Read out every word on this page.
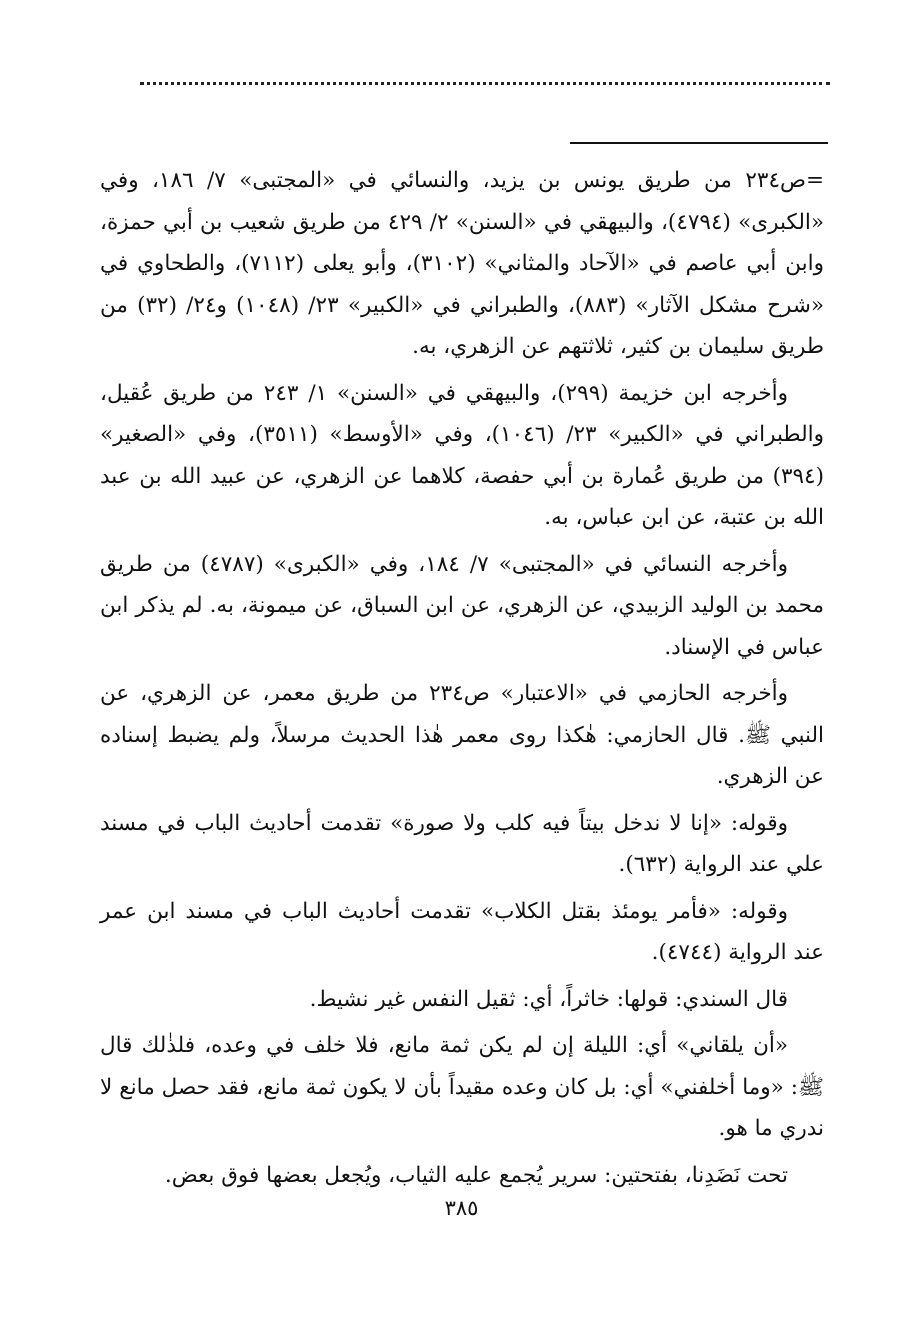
=ص٢٣٤ من طريق يونس بن يزيد، والنسائي في «المجتبى» ٧/ ١٨٦، وفي «الكبرى» (٤٧٩٤)، والبيهقي في «السنن» ٢/ ٤٢٩ من طريق شعيب بن أبي حمزة، وابن أبي عاصم في «الآحاد والمثاني» (٣١٠٢)، وأبو يعلى (٧١١٢)، والطحاوي في «شرح مشكل الآثار» (٨٨٣)، والطبراني في «الكبير» ٢٣/ (١٠٤٨) و٢٤/ (٣٢) من طريق سليمان بن كثير، ثلاثتهم عن الزهري، به.

وأخرجه ابن خزيمة (٢٩٩)، والبيهقي في «السنن» ١/ ٢٤٣ من طريق عُقيل، والطبراني في «الكبير» ٢٣/ (١٠٤٦)، وفي «الأوسط» (٣٥١١)، وفي «الصغير» (٣٩٤) من طريق عُمارة بن أبي حفصة، كلاهما عن الزهري، عن عبيد الله بن عبد الله بن عتبة، عن ابن عباس، به.

وأخرجه النسائي في «المجتبى» ٧/ ١٨٤، وفي «الكبرى» (٤٧٨٧) من طريق محمد بن الوليد الزبيدي، عن الزهري، عن ابن السباق، عن ميمونة، به. لم يذكر ابن عباس في الإسناد.

وأخرجه الحازمي في «الاعتبار» ص٢٣٤ من طريق معمر، عن الزهري، عن النبي ﷺ. قال الحازمي: هٰكذا روى معمر هٰذا الحديث مرسلاً، ولم يضبط إسناده عن الزهري.

وقوله: «إنا لا ندخل بيتاً فيه كلب ولا صورة» تقدمت أحاديث الباب في مسند علي عند الرواية (٦٣٢).

وقوله: «فأمر يومئذ بقتل الكلاب» تقدمت أحاديث الباب في مسند ابن عمر عند الرواية (٤٧٤٤).

قال السندي: قولها: خاثراً، أي: ثقيل النفس غير نشيط.

«أن يلقاني» أي: الليلة إن لم يكن ثمة مانع، فلا خلف في وعده، فلذٰلك قال ﷺ: «وما أخلفني» أي: بل كان وعده مقيداً بأن لا يكون ثمة مانع، فقد حصل مانع لا ندري ما هو.

تحت نَضَدِنا، بفتحتين: سرير يُجمع عليه الثياب، ويُجعل بعضها فوق بعض.

٣٨٥
